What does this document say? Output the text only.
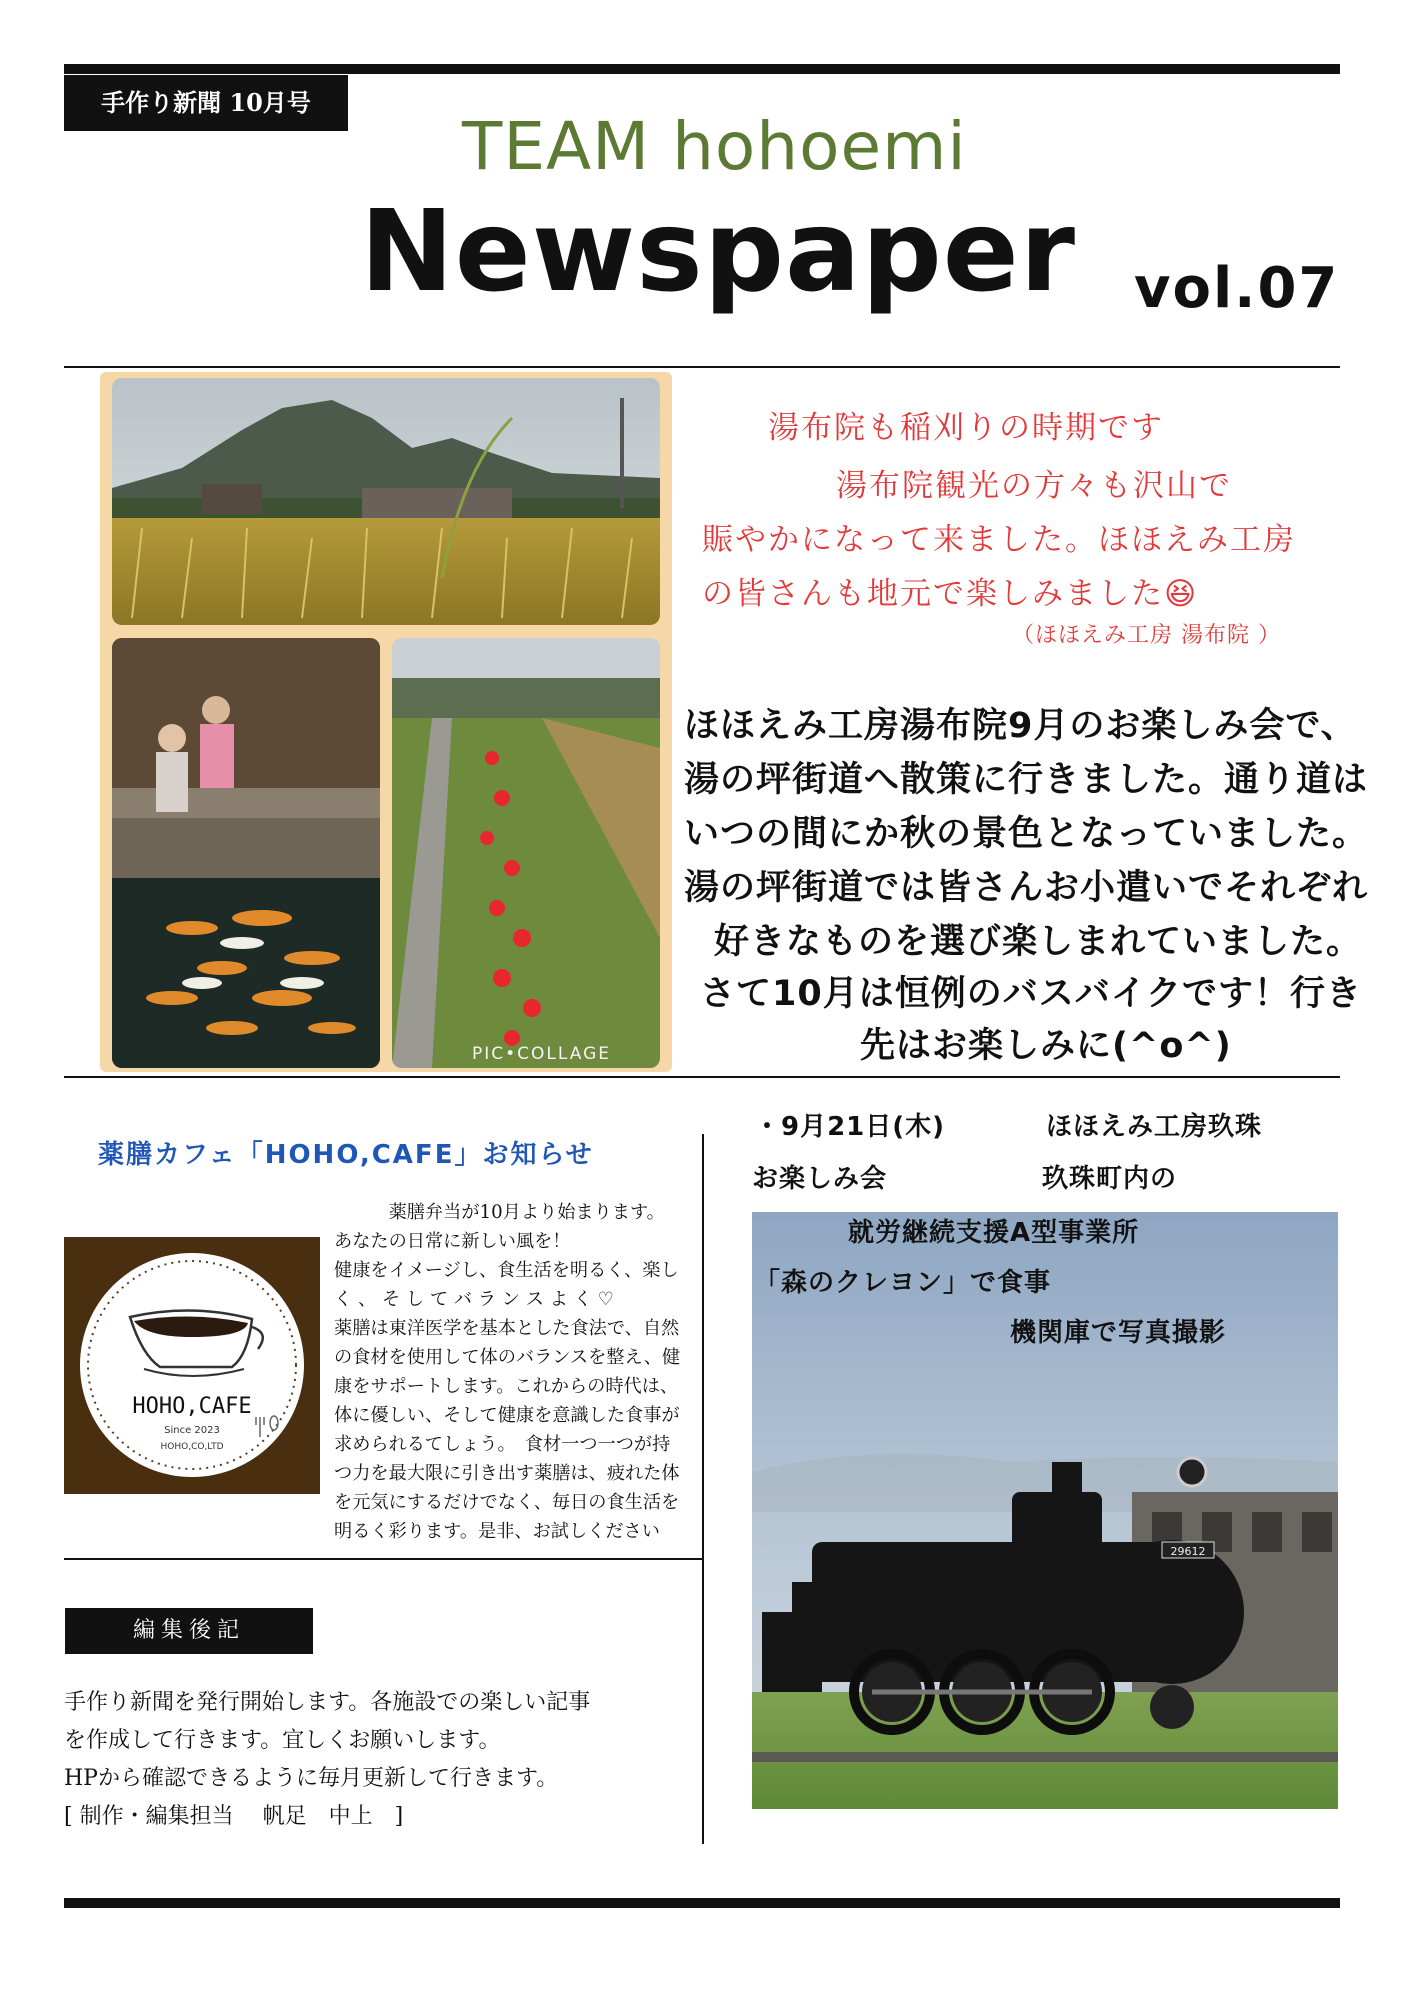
手作り新聞 10月号
TEAM hohoemi
Newspaper vol.07
PIC•COLLAGE
湯布院も稲刈りの時期です
湯布院観光の方々も沢山で
賑やかになって来ました。ほほえみ工房
の皆さんも地元で楽しみました😆
（ほほえみ工房 湯布院 ）
ほほえみ工房湯布院9月のお楽しみ会で、
湯の坪街道へ散策に行きました。通り道は
いつの間にか秋の景色となっていました。
湯の坪街道では皆さんお小遣いでそれぞれ
好きなものを選び楽しまれていました。
さて10月は恒例のバスバイクです！行き
先はお楽しみに(^o^)
薬膳カフェ「HOHO,CAFE」お知らせ
HOHO,CAFE
Since 2023
HOHO,CO,LTD
　　　薬膳弁当が10月より始まります。
あなたの日常に新しい風を！
健康をイメージし、食生活を明るく、楽し
く 、 そ し て バ ラ ン ス よ く ♡
薬膳は東洋医学を基本とした食法で、自然
の食材を使用して体のバランスを整え、健
康をサポートします。これからの時代は、
体に優しい、そして健康を意識した食事が
求められるてしょう。　食材一つ一つが持
つ力を最大限に引き出す薬膳は、疲れた体
を元気にするだけでなく、毎日の食生活を
明るく彩ります。是非、お試しください
編集後記
手作り新聞を発行開始します。各施設での楽しい記事
を作成して行きます。宜しくお願いします。
HPから確認できるように毎月更新して行きます。
[ 制作・編集担当　 帆足　中上　]
・9月21日(木)	ほほえみ工房玖珠
お楽しみ会	玖珠町内の
29612
就労継続支援A型事業所
「森のクレヨン」で食事
機関庫で写真撮影
